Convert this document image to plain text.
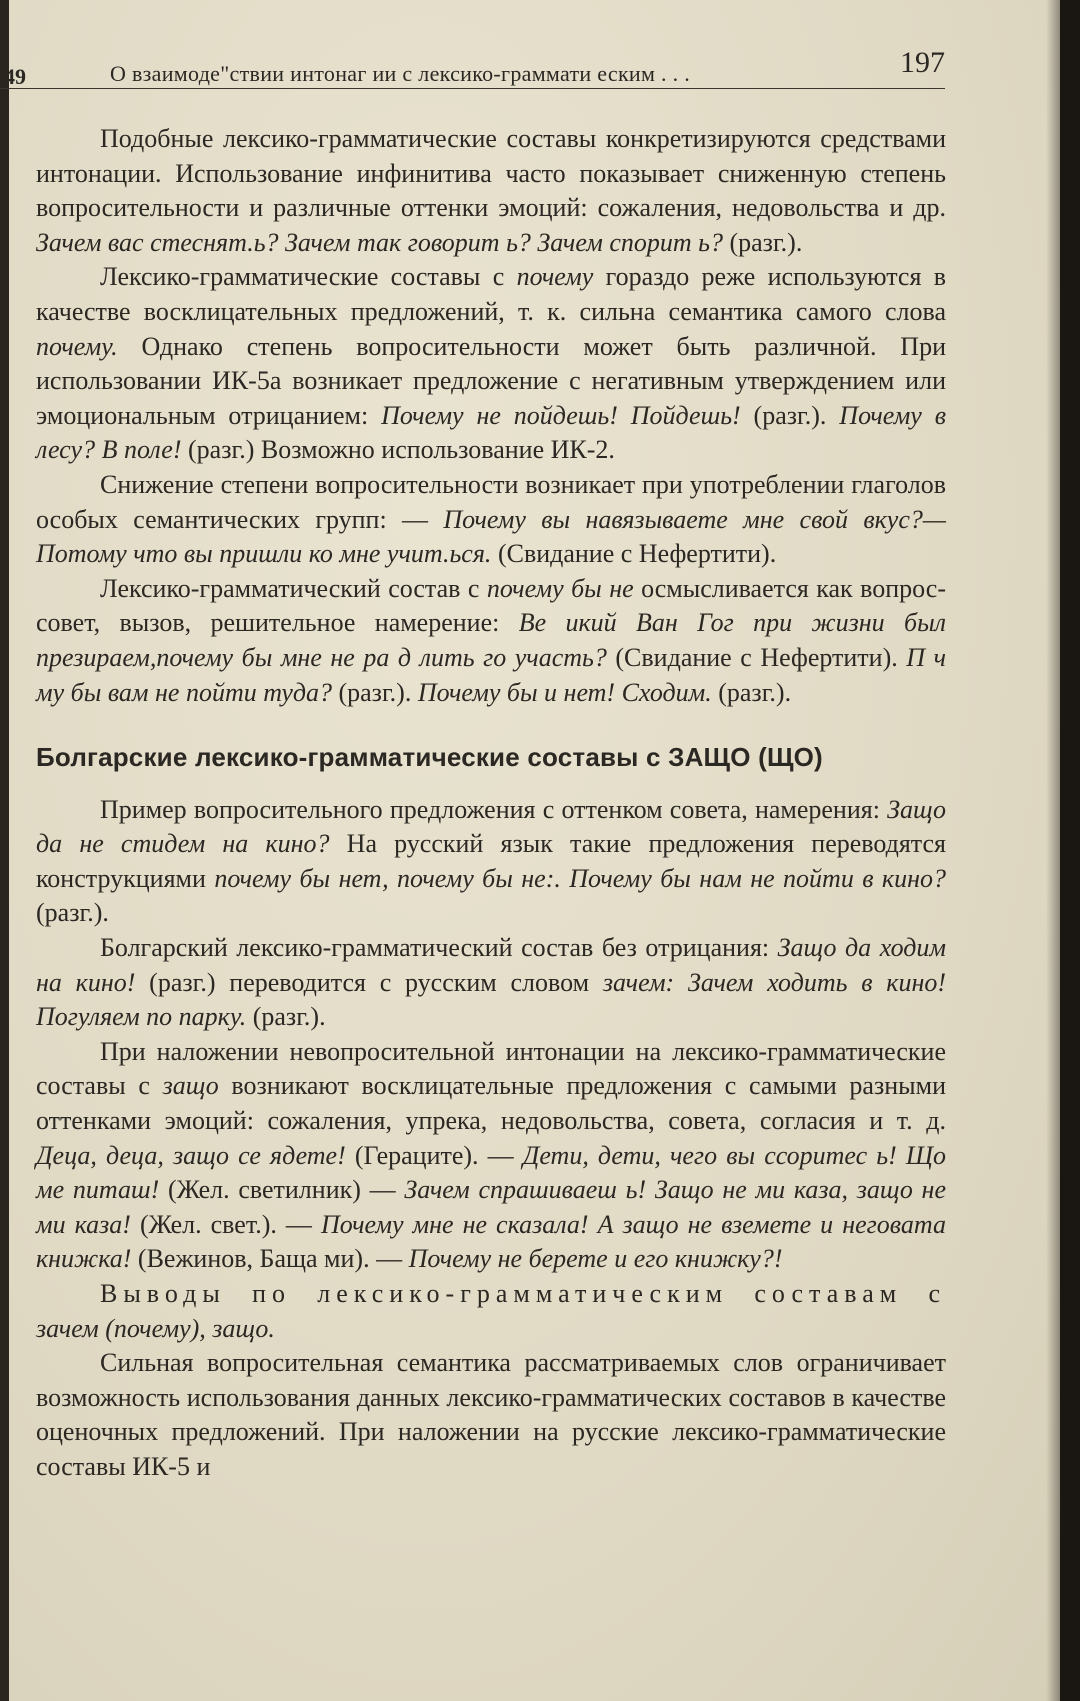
49	О взаимоде"ствии интонаг ии с лексико-граммати еским . . .	197

Подобные лексико-грамматические составы конкретизируются средствами интонации. Использование инфинитива часто показывает сниженную степень вопросительности и различные оттенки эмоций: сожаления, недовольства и др. Зачем вас стеснят.ь? Зачем так говорит ь? Зачем спорит ь? (разг.).

Лексико-грамматические составы с почему гораздо реже используются в качестве восклицательных предложений, т. к. сильна семантика самого слова почему. Однако степень вопросительности может быть различной. При использовании ИК-5а возникает предложение с негативным утверждением или эмоциональным отрицанием: Почему не пойдешь! Пойдешь! (разг.). Почему в лесу? В поле! (разг.) Возможно использование ИК-2.

Снижение степени вопросительности возникает при употреблении глаголов особых семантических групп: — Почему вы навязываете мне свой вкус?—Потому что вы пришли ко мне учит.ься. (Свидание с Нефертити).

Лексико-грамматический состав с почему бы не осмысливается как вопрос-совет, вызов, решительное намерение: Ве икий Ван Гог при жизни был презираем,почему бы мне не ра д лить го участь? (Свидание с Нефертити). П ч му бы вам не пойти туда? (разг.). Почему бы и нет! Сходим. (разг.).

Болгарские лексико-грамматические составы с ЗАЩО (ЩО)

Пример вопросительного предложения с оттенком совета, намерения: Защо да не стидем на кино? На русский язык такие предложения переводятся конструкциями почему бы нет, почему бы не:. Почему бы нам не пойти в кино? (разг.).

Болгарский лексико-грамматический состав без отрицания: Защо да ходим на кино! (разг.) переводится с русским словом зачем: Зачем ходить в кино! Погуляем по парку. (разг.).

При наложении невопросительной интонации на лексико-грамматические составы с защо возникают восклицательные предложения с самыми разными оттенками эмоций: сожаления, упрека, недовольства, совета, согласия и т. д. Деца, деца, защо се ядете! (Гераците). — Дети, дети, чего вы ссоритес ь! Що ме питаш! (Жел. светилник) — Зачем спрашиваеш ь! Защо не ми каза, защо не ми каза! (Жел. свет.). — Почему мне не сказала! А защо не вземете и неговата книжка! (Вежинов, Баща ми). — Почему не берете и его книжку?!

Выводы по лексико-грамматическим составам с зачем (почему), защо.

Сильная вопросительная семантика рассматриваемых слов ограничивает возможность использования данных лексико-грамматических составов в качестве оценочных предложений. При наложении на русские лексико-грамматические составы ИК-5 и
